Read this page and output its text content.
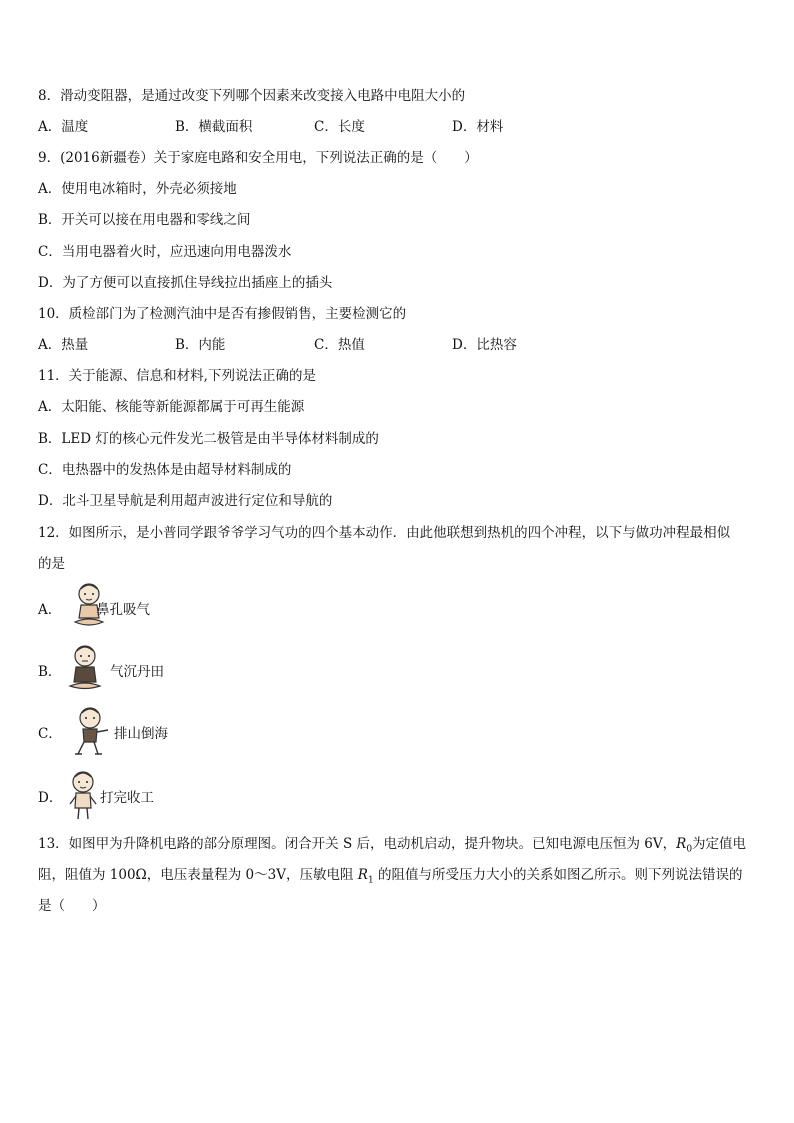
8．滑动变阻器，是通过改变下列哪个因素来改变接入电路中电阻大小的
A．温度	B．横截面积	C．长度	D．材料
9．(2016新疆卷）关于家庭电路和安全用电，下列说法正确的是（　　）
A．使用电冰箱时，外壳必须接地
B．开关可以接在用电器和零线之间
C．当用电器着火时，应迅速向用电器泼水
D．为了方便可以直接抓住导线拉出插座上的插头
10．质检部门为了检测汽油中是否有掺假销售，主要检测它的
A．热量	B．内能	C．热值	D．比热容
11．关于能源、信息和材料,下列说法正确的是
A．太阳能、核能等新能源都属于可再生能源
B．LED 灯的核心元件发光二极管是由半导体材料制成的
C．电热器中的发热体是由超导材料制成的
D．北斗卫星导航是利用超声波进行定位和导航的
12．如图所示，是小普同学跟爷爷学习气功的四个基本动作．由此他联想到热机的四个冲程，以下与做功冲程最相似
的是
A．	鼻孔吸气
B．	气沉丹田
C．	排山倒海
D．	打完收工
13．如图甲为升降机电路的部分原理图。闭合开关 S 后，电动机启动，提升物块。已知电源电压恒为 6V，$R_0$为定值电
阻，阻值为 100Ω，电压表量程为 0～3V，压敏电阻 $R_1$ 的阻值与所受压力大小的关系如图乙所示。则下列说法错误的
是（　　）
